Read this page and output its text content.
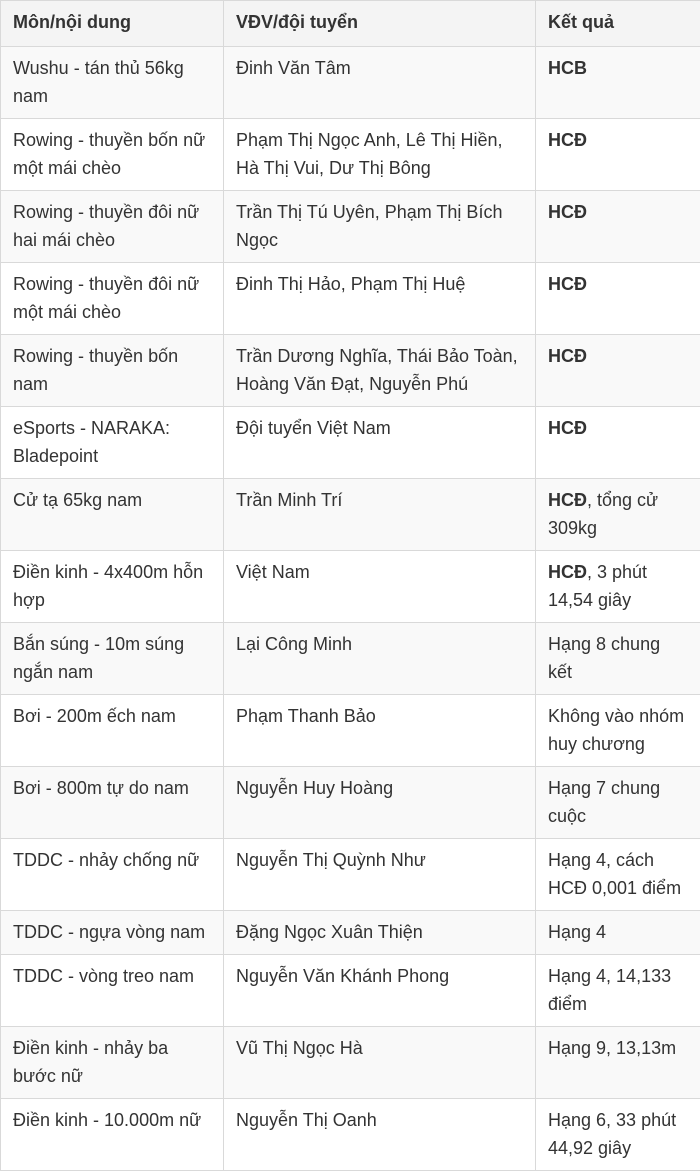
Môn/nội dung	VĐV/đội tuyển	Kết quả
Wushu - tán thủ 56kg nam	Đinh Văn Tâm	HCB
Rowing - thuyền bốn nữ một mái chèo	Phạm Thị Ngọc Anh, Lê Thị Hiền, Hà Thị Vui, Dư Thị Bông	HCĐ
Rowing - thuyền đôi nữ hai mái chèo	Trần Thị Tú Uyên, Phạm Thị Bích Ngọc	HCĐ
Rowing - thuyền đôi nữ một mái chèo	Đinh Thị Hảo, Phạm Thị Huệ	HCĐ
Rowing - thuyền bốn nam	Trần Dương Nghĩa, Thái Bảo Toàn, Hoàng Văn Đạt, Nguyễn Phú	HCĐ
eSports - NARAKA: Bladepoint	Đội tuyển Việt Nam	HCĐ
Cử tạ 65kg nam	Trần Minh Trí	HCĐ, tổng cử 309kg
Điền kinh - 4x400m hỗn hợp	Việt Nam	HCĐ, 3 phút 14,54 giây
Bắn súng - 10m súng ngắn nam	Lại Công Minh	Hạng 8 chung kết
Bơi - 200m ếch nam	Phạm Thanh Bảo	Không vào nhóm huy chương
Bơi - 800m tự do nam	Nguyễn Huy Hoàng	Hạng 7 chung cuộc
TDDC - nhảy chống nữ	Nguyễn Thị Quỳnh Như	Hạng 4, cách HCĐ 0,001 điểm
TDDC - ngựa vòng nam	Đặng Ngọc Xuân Thiện	Hạng 4
TDDC - vòng treo nam	Nguyễn Văn Khánh Phong	Hạng 4, 14,133 điểm
Điền kinh - nhảy ba bước nữ	Vũ Thị Ngọc Hà	Hạng 9, 13,13m
Điền kinh - 10.000m nữ	Nguyễn Thị Oanh	Hạng 6, 33 phút 44,92 giây
